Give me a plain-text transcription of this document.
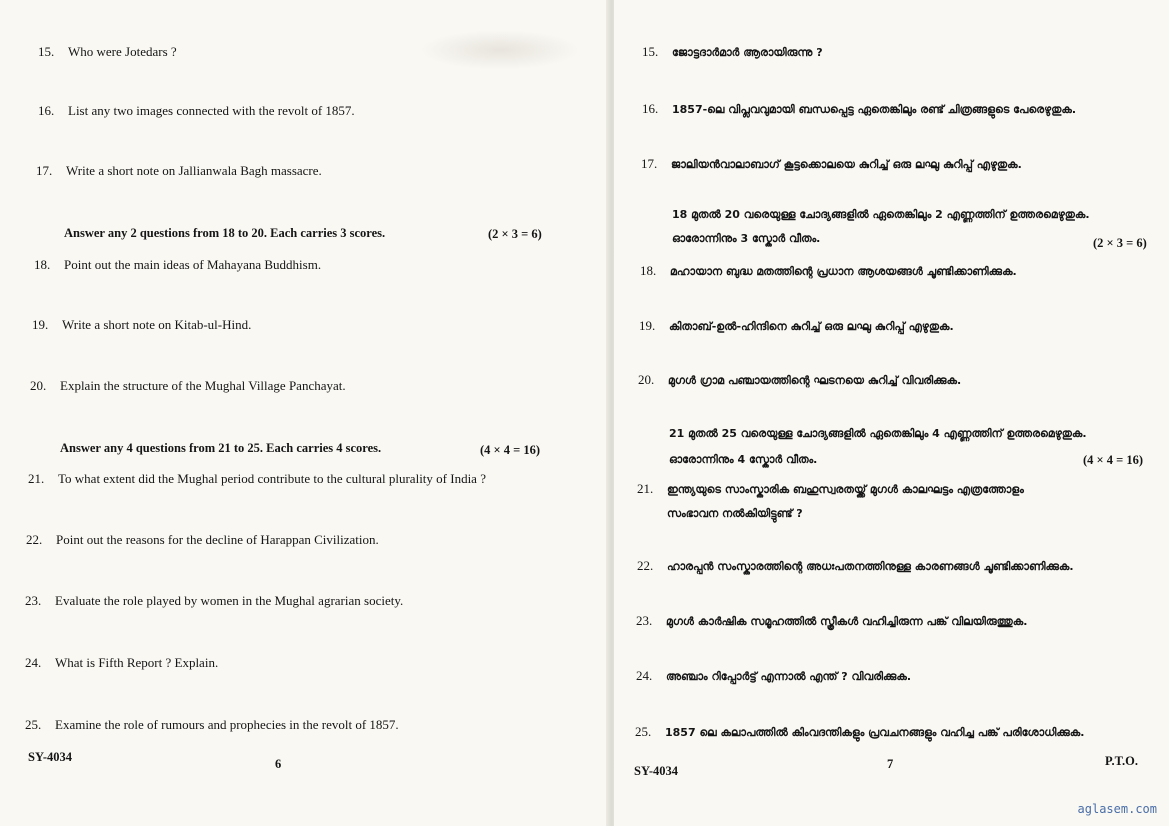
15. Who were Jotedars ?
16. List any two images connected with the revolt of 1857.
17. Write a short note on Jallianwala Bagh massacre.
Answer any 2 questions from 18 to 20. Each carries 3 scores.	(2 × 3 = 6)
18. Point out the main ideas of Mahayana Buddhism.
19. Write a short note on Kitab-ul-Hind.
20. Explain the structure of the Mughal Village Panchayat.
Answer any 4 questions from 21 to 25. Each carries 4 scores.	(4 × 4 = 16)
21. To what extent did the Mughal period contribute to the cultural plurality of India ?
22. Point out the reasons for the decline of Harappan Civilization.
23. Evaluate the role played by women in the Mughal agrarian society.
24. What is Fifth Report ? Explain.
25. Examine the role of rumours and prophecies in the revolt of 1857.
SY-4034	6
15. ജോട്ടദാർമാർ ആരായിരുന്നു ?
16. 1857-ലെ വിപ്ലവവുമായി ബന്ധപ്പെട്ട ഏതെങ്കിലും രണ്ട് ചിത്രങ്ങളുടെ പേരെഴുതുക.
17. ജാലിയൻവാലാബാഗ് കൂട്ടക്കൊലയെ കുറിച്ച് ഒരു ലഘു കുറിപ്പ് എഴുതുക.
18 മുതൽ 20 വരെയുള്ള ചോദ്യങ്ങളിൽ ഏതെങ്കിലും 2 എണ്ണത്തിന് ഉത്തരമെഴുതുക.
ഓരോന്നിനും 3 സ്കോർ വീതം.	(2 × 3 = 6)
18. മഹായാന ബുദ്ധ മതത്തിന്റെ പ്രധാന ആശയങ്ങൾ ചൂണ്ടിക്കാണിക്കുക.
19. കിതാബ്-ഉൽ-ഹിന്ദിനെ കുറിച്ച് ഒരു ലഘു കുറിപ്പ് എഴുതുക.
20. മുഗൾ ഗ്രാമ പഞ്ചായത്തിന്റെ ഘടനയെ കുറിച്ച് വിവരിക്കുക.
21 മുതൽ 25 വരെയുള്ള ചോദ്യങ്ങളിൽ ഏതെങ്കിലും 4 എണ്ണത്തിന് ഉത്തരമെഴുതുക.
ഓരോന്നിനും 4 സ്കോർ വീതം.	(4 × 4 = 16)
21. ഇന്ത്യയുടെ സാംസ്കാരിക ബഹുസ്വരതയ്ക്ക് മുഗൾ കാലഘട്ടം എത്രത്തോളം
സംഭാവന നൽകിയിട്ടുണ്ട് ?
22. ഹാരപ്പൻ സംസ്കാരത്തിന്റെ അധഃപതനത്തിനുള്ള കാരണങ്ങൾ ചൂണ്ടിക്കാണിക്കുക.
23. മുഗൾ കാർഷിക സമൂഹത്തിൽ സ്ത്രീകൾ വഹിച്ചിരുന്ന പങ്ക് വിലയിരുത്തുക.
24. അഞ്ചാം റിപ്പോർട്ട് എന്നാൽ എന്ത് ? വിവരിക്കുക.
25. 1857 ലെ കലാപത്തിൽ കിംവദന്തികളും പ്രവചനങ്ങളും വഹിച്ച പങ്ക് പരിശോധിക്കുക.
SY-4034	7	P.T.O.
aglasem.com
